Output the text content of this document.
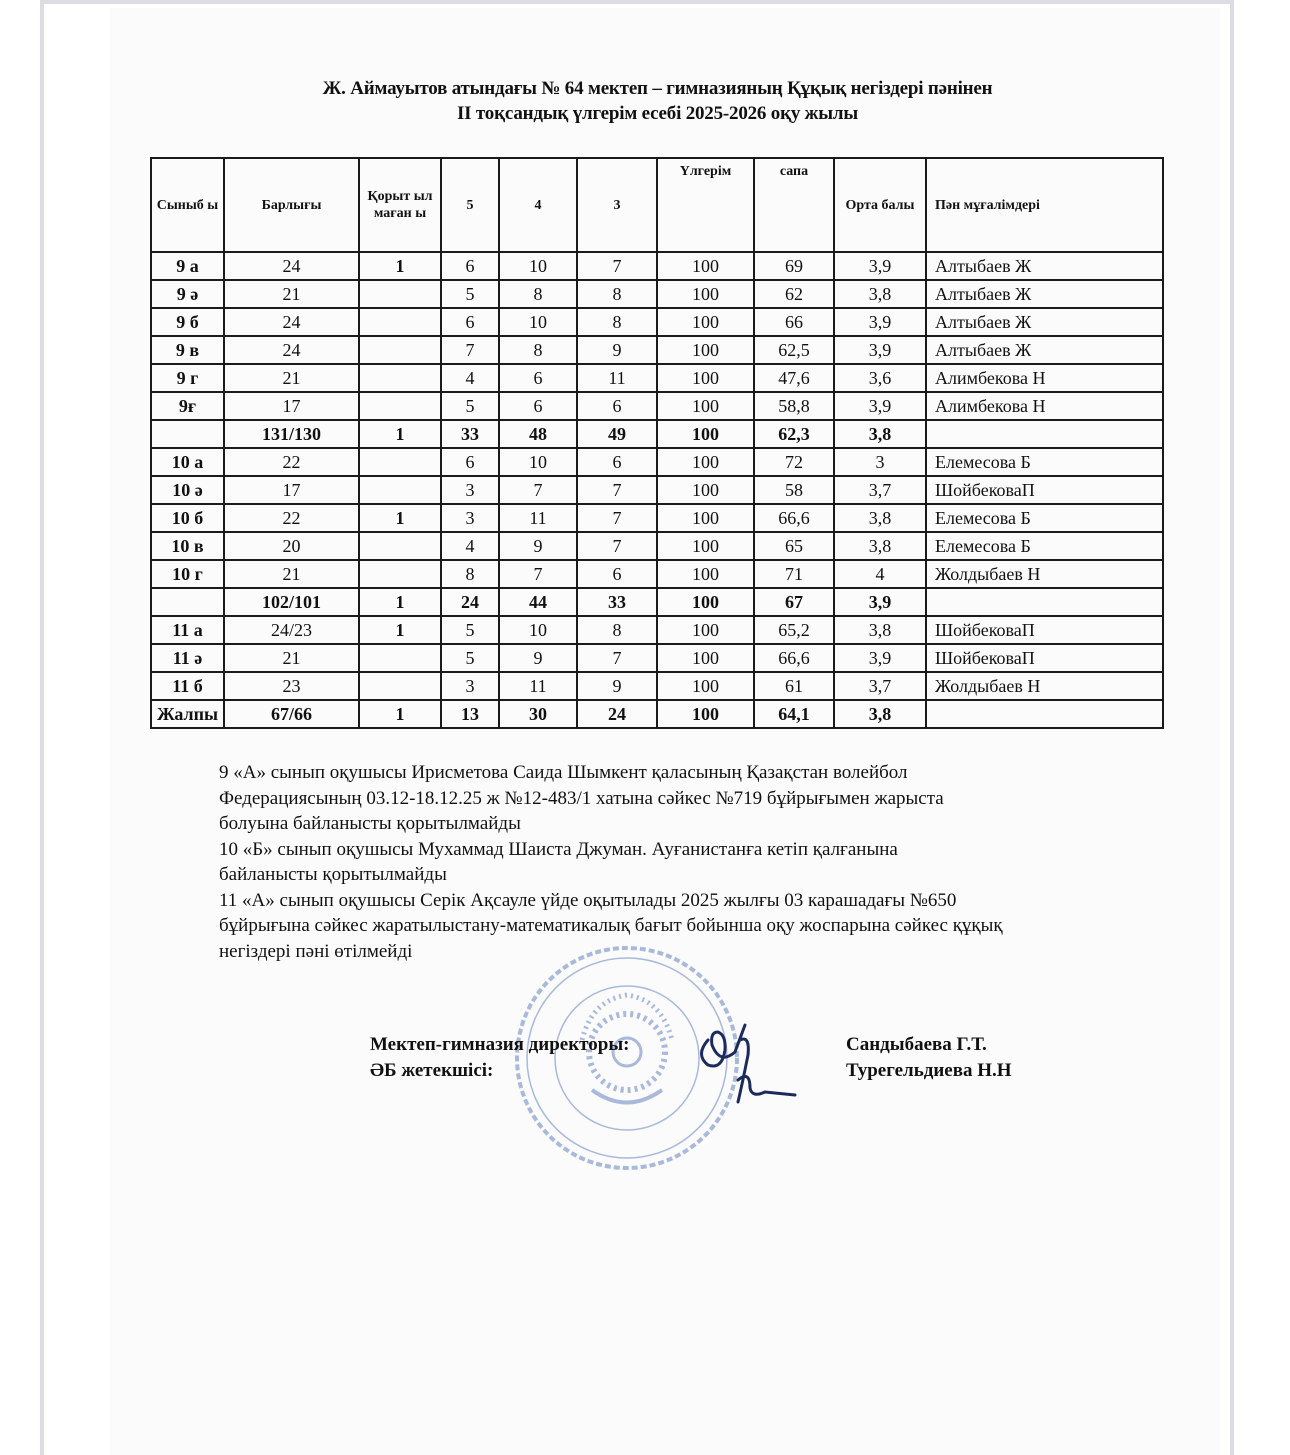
Ж. Аймауытов атындағы № 64 мектеп – гимназияның Құқық негіздері пәнінен
II тоқсандық үлгерім есебі 2025-2026 оқу жылы
Сыныб ы	Барлығы	Қорыт ыл маған ы	5	4	3	Үлгерім	сапа	Орта балы	Пән мұғалімдері
9 а	24	1	6	10	7	100	69	3,9	Алтыбаев Ж
9 ә	21		5	8	8	100	62	3,8	Алтыбаев Ж
9 б	24		6	10	8	100	66	3,9	Алтыбаев Ж
9 в	24		7	8	9	100	62,5	3,9	Алтыбаев Ж
9 г	21		4	6	11	100	47,6	3,6	Алимбекова Н
9ғ	17		5	6	6	100	58,8	3,9	Алимбекова Н
	131/130	1	33	48	49	100	62,3	3,8	
10 а	22		6	10	6	100	72	3	Елемесова Б
10 ә	17		3	7	7	100	58	3,7	ШойбековаП
10 б	22	1	3	11	7	100	66,6	3,8	Елемесова Б
10 в	20		4	9	7	100	65	3,8	Елемесова Б
10 г	21		8	7	6	100	71	4	Жолдыбаев Н
	102/101	1	24	44	33	100	67	3,9	
11 а	24/23	1	5	10	8	100	65,2	3,8	ШойбековаП
11 ә	21		5	9	7	100	66,6	3,9	ШойбековаП
11 б	23		3	11	9	100	61	3,7	Жолдыбаев Н
Жалпы	67/66	1	13	30	24	100	64,1	3,8	

9 «А» сынып оқушысы Ирисметова Саида Шымкент қаласының Қазақстан волейбол

Федерациясының 03.12-18.12.25 ж №12-483/1 хатына сәйкес №719 бұйрығымен жарыста

болуына байланысты қорытылмайды

10 «Б» сынып оқушысы Мухаммад Шаиста Джуман. Ауғанистанға кетіп қалғанына

байланысты қорытылмайды

11 «А» сынып оқушысы Серік Ақсауле үйде оқытылады 2025 жылғы 03 карашадағы №650

бұйрығына сәйкес жаратылыстану-математикалық бағыт бойынша оқу жоспарына сәйкес құқық

негіздері пәні өтілмейді

Мектеп-гимназия директоры:
ӘБ жетекшісі:
Сандыбаева Г.Т.
Турегельдиева Н.Н
